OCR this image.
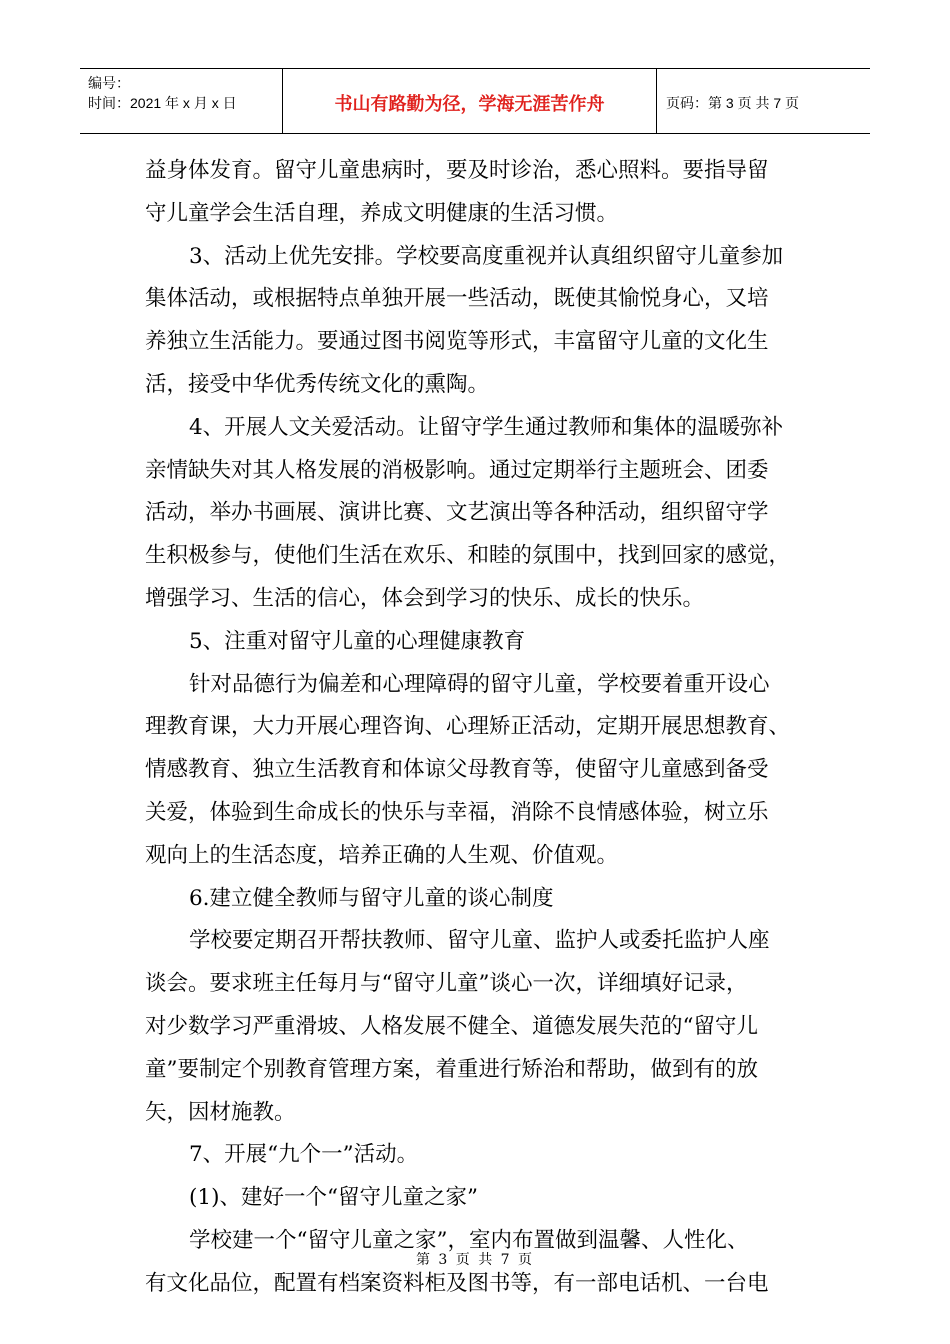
编号：
时间：2021 年 x 月 x 日	书山有路勤为径，学海无涯苦作舟	页码：第 3 页 共 7 页
益身体发育。留守儿童患病时，要及时诊治，悉心照料。要指导留
守儿童学会生活自理，养成文明健康的生活习惯。
3、活动上优先安排。学校要高度重视并认真组织留守儿童参加
集体活动，或根据特点单独开展一些活动，既使其愉悦身心，又培
养独立生活能力。要通过图书阅览等形式，丰富留守儿童的文化生
活，接受中华优秀传统文化的熏陶。
4、开展人文关爱活动。让留守学生通过教师和集体的温暖弥补
亲情缺失对其人格发展的消极影响。通过定期举行主题班会、团委
活动，举办书画展、演讲比赛、文艺演出等各种活动，组织留守学
生积极参与，使他们生活在欢乐、和睦的氛围中，找到回家的感觉，
增强学习、生活的信心，体会到学习的快乐、成长的快乐。
5、注重对留守儿童的心理健康教育
针对品德行为偏差和心理障碍的留守儿童，学校要着重开设心
理教育课，大力开展心理咨询、心理矫正活动，定期开展思想教育、
情感教育、独立生活教育和体谅父母教育等，使留守儿童感到备受
关爱，体验到生命成长的快乐与幸福，消除不良情感体验，树立乐
观向上的生活态度，培养正确的人生观、价值观。
6.建立健全教师与留守儿童的谈心制度
学校要定期召开帮扶教师、留守儿童、监护人或委托监护人座
谈会。要求班主任每月与“留守儿童”谈心一次，详细填好记录，
对少数学习严重滑坡、人格发展不健全、道德发展失范的“留守儿
童”要制定个别教育管理方案，着重进行矫治和帮助，做到有的放
矢，因材施教。
7、开展“九个一”活动。
(1)、建好一个“留守儿童之家”
学校建一个“留守儿童之家”，室内布置做到温馨、人性化、
有文化品位，配置有档案资料柜及图书等，有一部电话机、一台电
第 3 页 共 7 页
